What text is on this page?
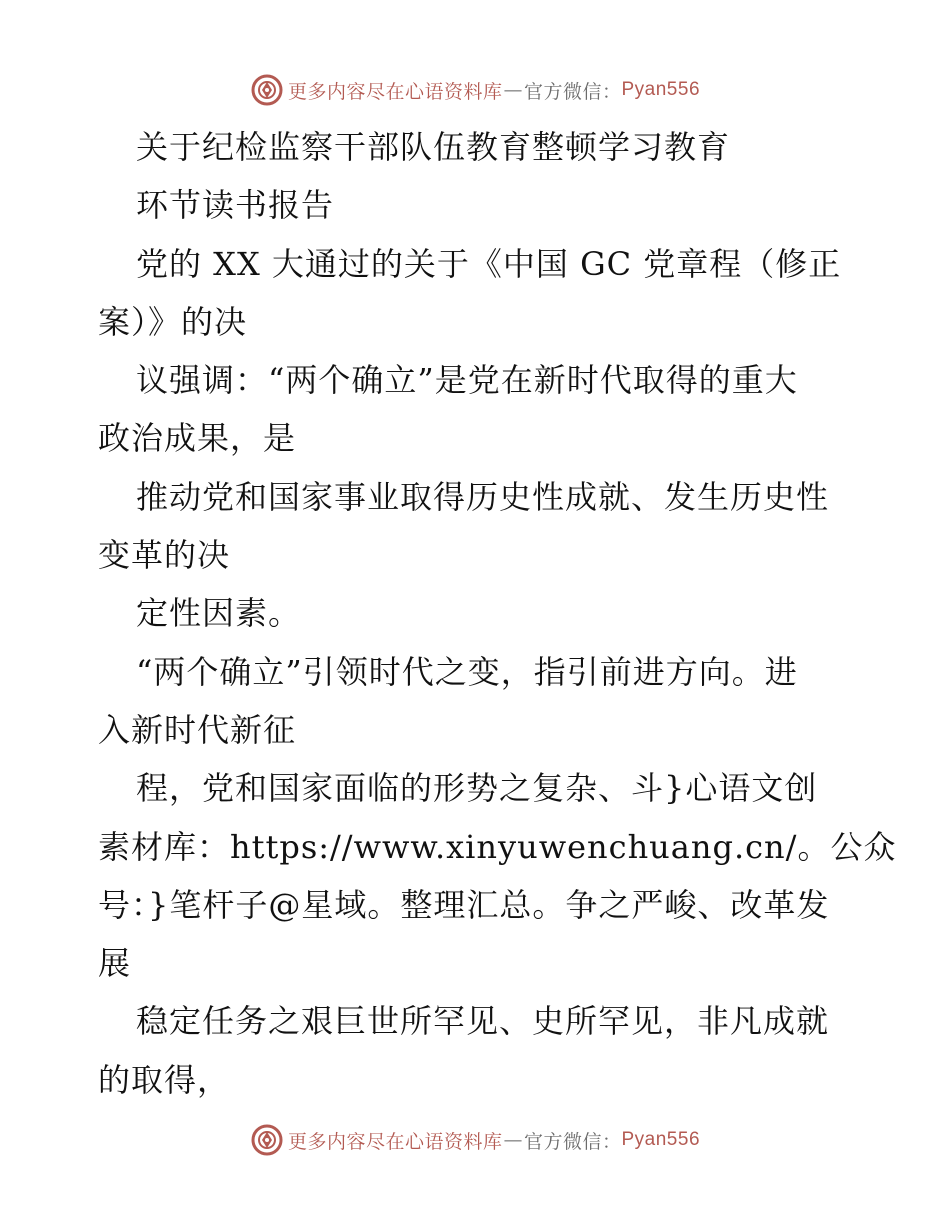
更多内容尽在心语资料库 — 官方微信： Pyan556
关于纪检监察干部队伍教育整顿学习教育
环节读书报告
党的 XX 大通过的关于《中国 GC 党章程（修正
案）》的决
议强调：“两个确立”是党在新时代取得的重大
政治成果，是
推动党和国家事业取得历史性成就、发生历史性
变革的决
定性因素。
“两个确立”引领时代之变，指引前进方向。进
入新时代新征
程，党和国家面临的形势之复杂、斗}心语文创
素材库：https://www.xinyuwenchuang.cn/。公众
号：}笔杆子@星域。整理汇总。争之严峻、改革发
展
稳定任务之艰巨世所罕见、史所罕见，非凡成就
的取得，
更多内容尽在心语资料库 — 官方微信： Pyan556
